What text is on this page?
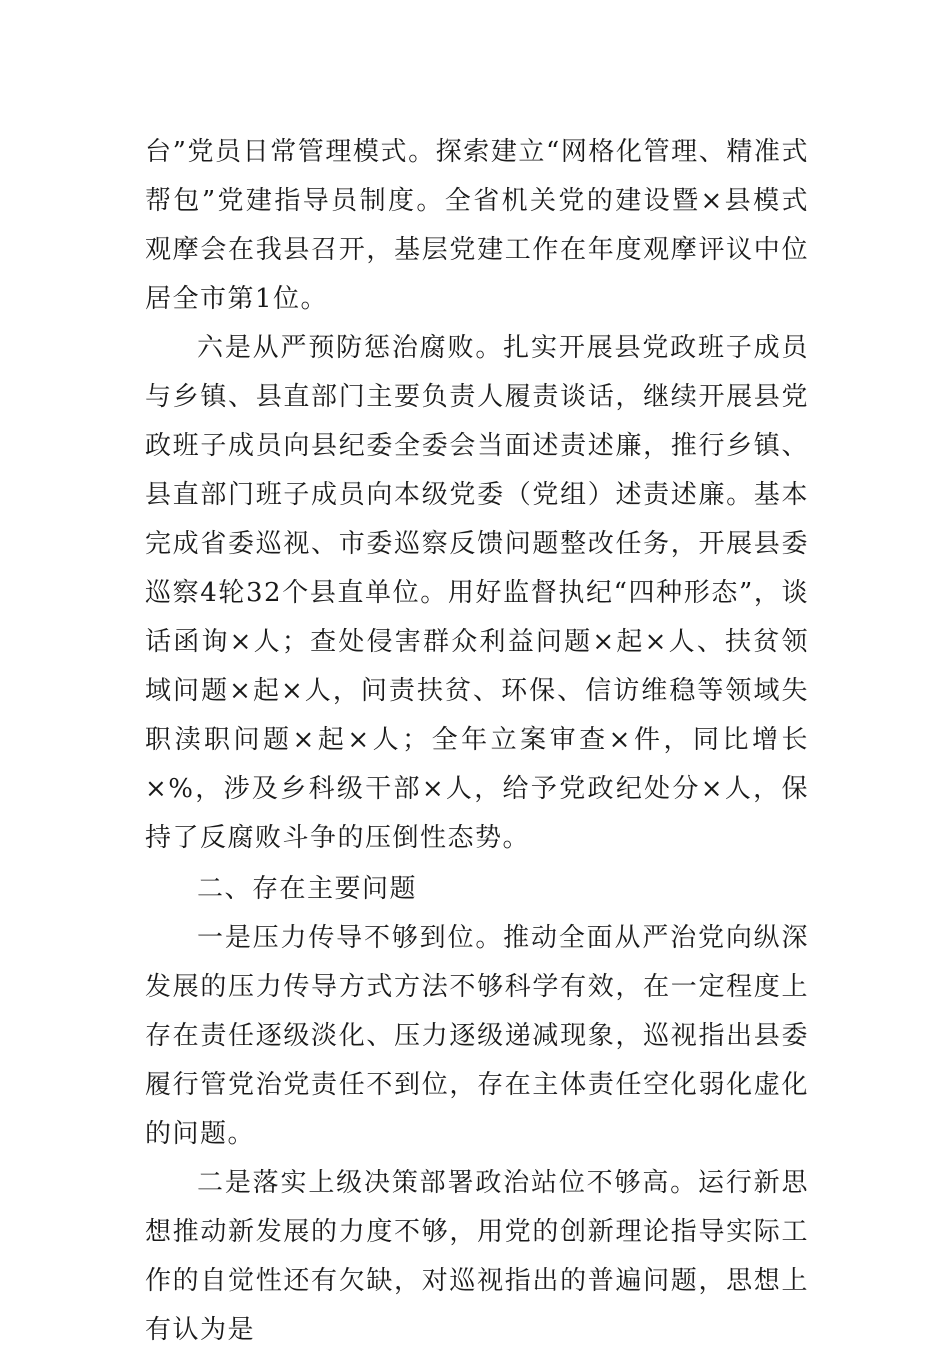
台”党员日常管理模式。探索建立“网格化管理、精准式帮包”党建指导员制度。全省机关党的建设暨×县模式观摩会在我县召开，基层党建工作在年度观摩评议中位居全市第1位。

六是从严预防惩治腐败。扎实开展县党政班子成员与乡镇、县直部门主要负责人履责谈话，继续开展县党政班子成员向县纪委全委会当面述责述廉，推行乡镇、县直部门班子成员向本级党委（党组）述责述廉。基本完成省委巡视、市委巡察反馈问题整改任务，开展县委巡察4轮32个县直单位。用好监督执纪“四种形态”，谈话函询×人；查处侵害群众利益问题×起×人、扶贫领域问题×起×人，问责扶贫、环保、信访维稳等领域失职渎职问题×起×人；全年立案审查×件，同比增长×%，涉及乡科级干部×人，给予党政纪处分×人，保持了反腐败斗争的压倒性态势。

二、存在主要问题

一是压力传导不够到位。推动全面从严治党向纵深发展的压力传导方式方法不够科学有效，在一定程度上存在责任逐级淡化、压力逐级递减现象，巡视指出县委履行管党治党责任不到位，存在主体责任空化弱化虚化的问题。

二是落实上级决策部署政治站位不够高。运行新思想推动新发展的力度不够，用党的创新理论指导实际工作的自觉性还有欠缺，对巡视指出的普遍问题，思想上有认为是
